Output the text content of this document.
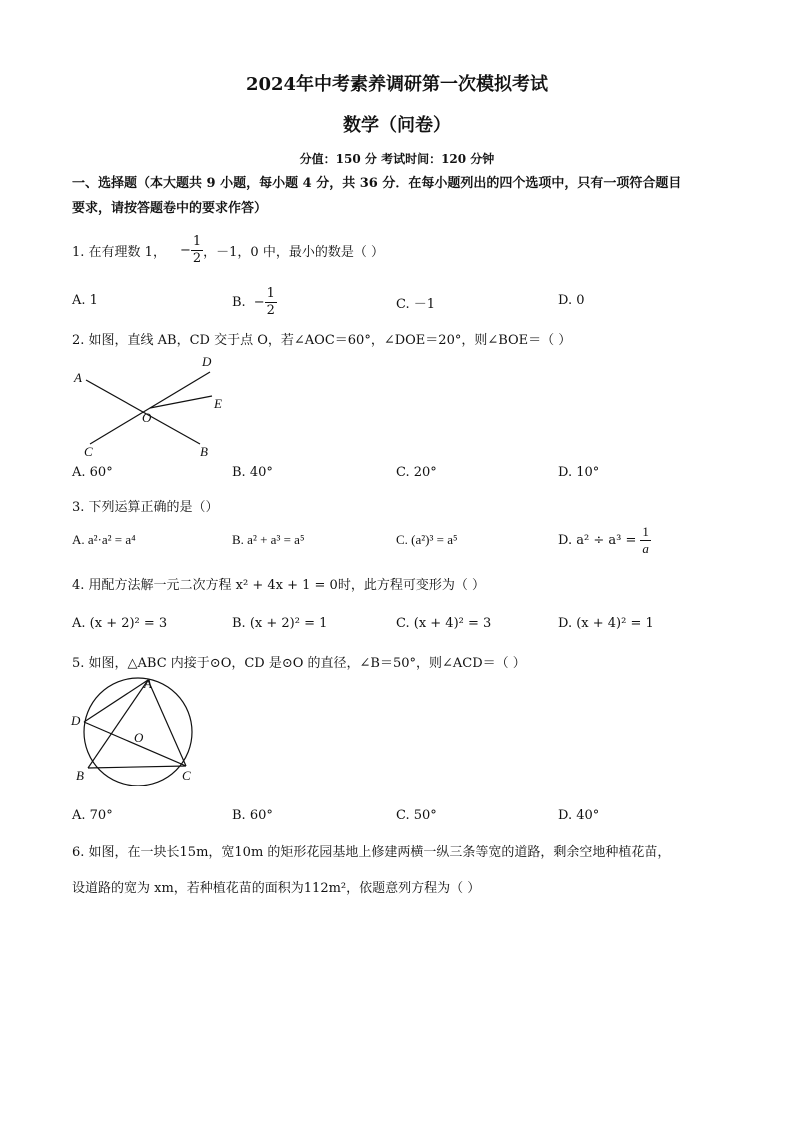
2024年中考素养调研第一次模拟考试
数学（问卷）
分值：150 分 考试时间：120 分钟
一、选择题（本大题共 9 小题，每小题 4 分，共 36 分．在每小题列出的四个选项中，只有一项符合题目
要求，请按答题卷中的要求作答）
1. 在有理数 1， − $\frac{1}{2}$ ，－1，0 中，最小的数是（ ）
A. 1	B. − $\frac{1}{2}$	C. －1	D. 0
2. 如图，直线 AB，CD 交于点 O，若∠AOC＝60°，∠DOE＝20°，则∠BOE＝（ ）
A
B
C
D
E
O
A. 60°	B. 40°	C. 20°	D. 10°
3. 下列运算正确的是（）
A. a²·a² = a⁴	B. a² + a³ = a⁵	C. (a²)³ = a⁵	D. $a^2 \div a^3 = \frac{1}{a}$
4. 用配方法解一元二次方程 x² + 4x + 1 = 0时，此方程可变形为（ ）
A. (x + 2)² = 3	B. (x + 2)² = 1	C. (x + 4)² = 3	D. (x + 4)² = 1
5. 如图，△ABC 内接于⊙O，CD 是⊙O 的直径，∠B＝50°，则∠ACD＝（ ）
A
B	C
D
O
A. 70°	B. 60°	C. 50°	D. 40°
6. 如图，在一块长15m，宽10m 的矩形花园基地上修建两横一纵三条等宽的道路，剩余空地种植花苗，
设道路的宽为 xm，若种植花苗的面积为112m²，依题意列方程为（ ）
